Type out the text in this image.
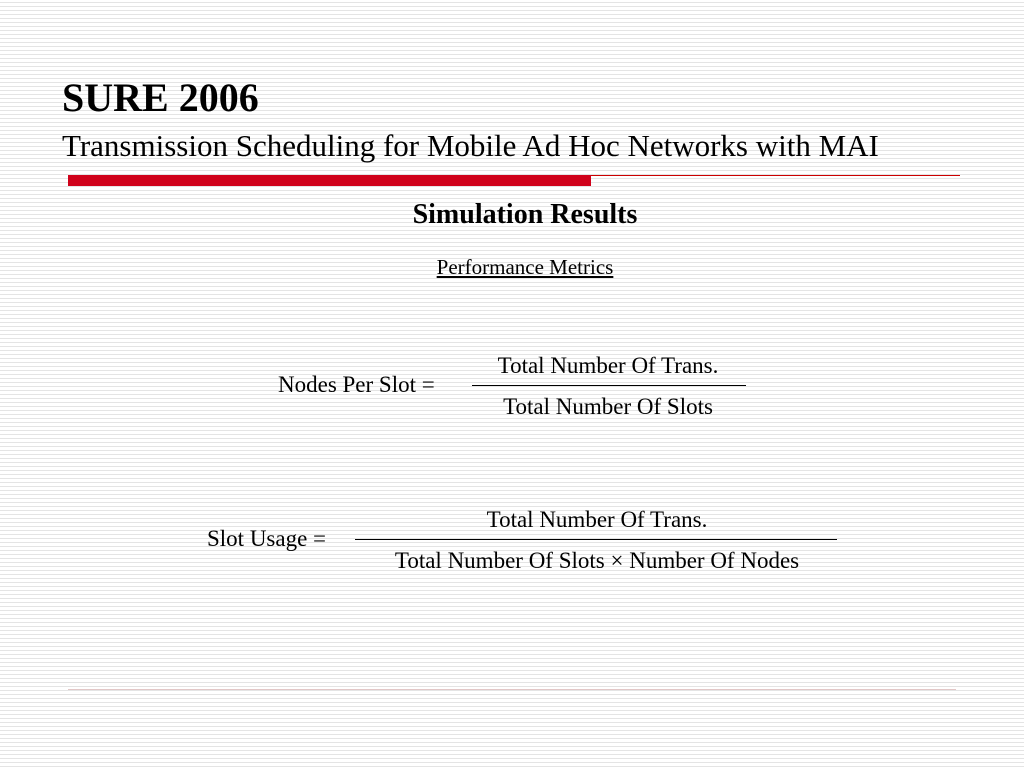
SURE 2006
Transmission Scheduling for Mobile Ad Hoc Networks with MAI
Simulation Results
Performance Metrics
Nodes Per Slot =
Total Number Of Trans.
Total Number Of Slots
Slot Usage =
Total Number Of Trans.
Total Number Of Slots × Number Of Nodes
